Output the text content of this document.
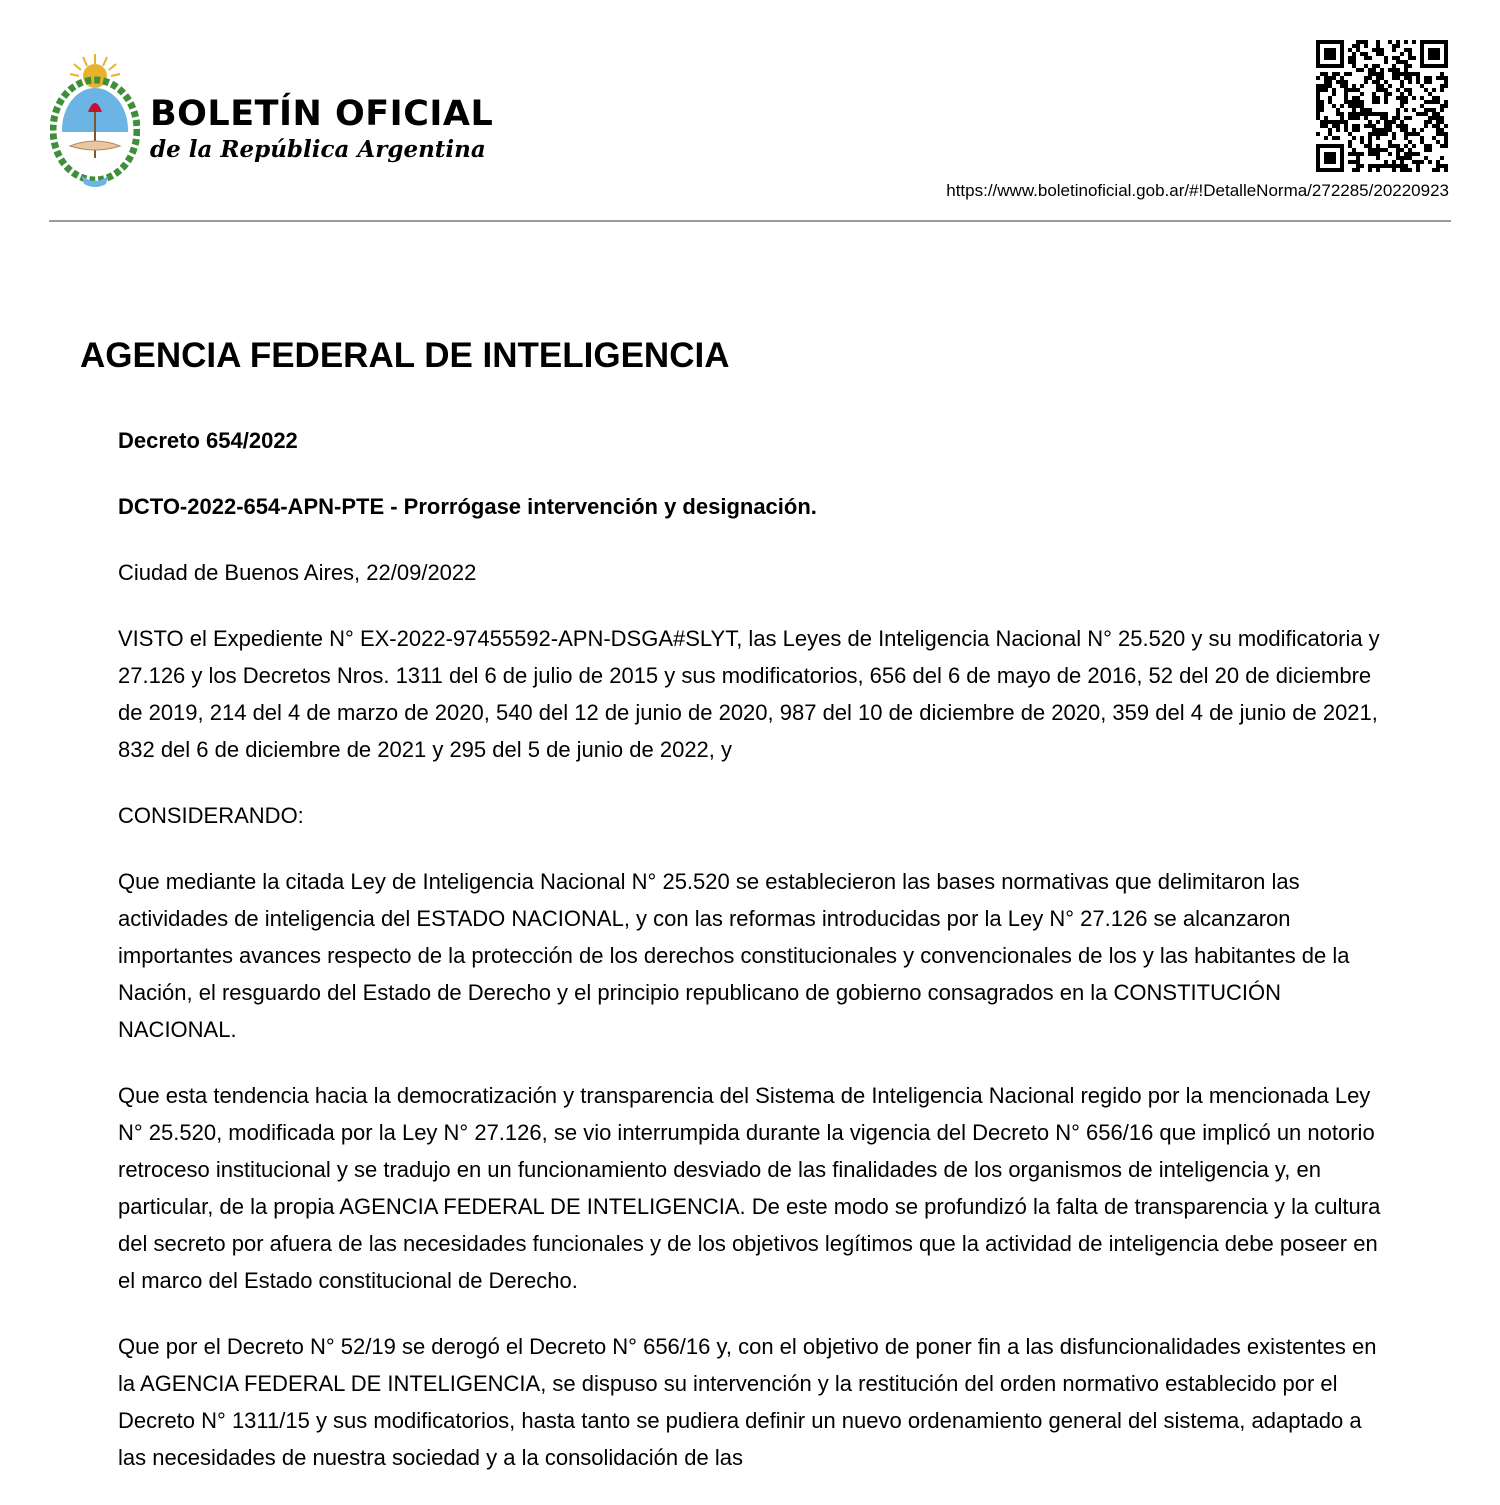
BOLETÍN OFICIAL
de la República Argentina
https://www.boletinoficial.gob.ar/#!DetalleNorma/272285/20220923
AGENCIA FEDERAL DE INTELIGENCIA

Decreto 654/2022

DCTO-2022-654-APN-PTE - Prorrógase intervención y designación.

Ciudad de Buenos Aires, 22/09/2022

VISTO el Expediente N° EX-2022-97455592-APN-DSGA#SLYT, las Leyes de Inteligencia Nacional N° 25.520 y su modificatoria y 27.126 y los Decretos Nros. 1311 del 6 de julio de 2015 y sus modificatorios, 656 del 6 de mayo de 2016, 52 del 20 de diciembre de 2019, 214 del 4 de marzo de 2020, 540 del 12 de junio de 2020, 987 del 10 de diciembre de 2020, 359 del 4 de junio de 2021, 832 del 6 de diciembre de 2021 y 295 del 5 de junio de 2022, y

CONSIDERANDO:

Que mediante la citada Ley de Inteligencia Nacional N° 25.520 se establecieron las bases normativas que delimitaron las actividades de inteligencia del ESTADO NACIONAL, y con las reformas introducidas por la Ley N° 27.126 se alcanzaron importantes avances respecto de la protección de los derechos constitucionales y convencionales de los y las habitantes de la Nación, el resguardo del Estado de Derecho y el principio republicano de gobierno consagrados en la CONSTITUCIÓN NACIONAL.

Que esta tendencia hacia la democratización y transparencia del Sistema de Inteligencia Nacional regido por la mencionada Ley N° 25.520, modificada por la Ley N° 27.126, se vio interrumpida durante la vigencia del Decreto N° 656/16 que implicó un notorio retroceso institucional y se tradujo en un funcionamiento desviado de las finalidades de los organismos de inteligencia y, en particular, de la propia AGENCIA FEDERAL DE INTELIGENCIA. De este modo se profundizó la falta de transparencia y la cultura del secreto por afuera de las necesidades funcionales y de los objetivos legítimos que la actividad de inteligencia debe poseer en el marco del Estado constitucional de Derecho.

Que por el Decreto N° 52/19 se derogó el Decreto N° 656/16 y, con el objetivo de poner fin a las disfuncionalidades existentes en la AGENCIA FEDERAL DE INTELIGENCIA, se dispuso su intervención y la restitución del orden normativo establecido por el Decreto N° 1311/15 y sus modificatorios, hasta tanto se pudiera definir un nuevo ordenamiento general del sistema, adaptado a las necesidades de nuestra sociedad y a la consolidación de las
